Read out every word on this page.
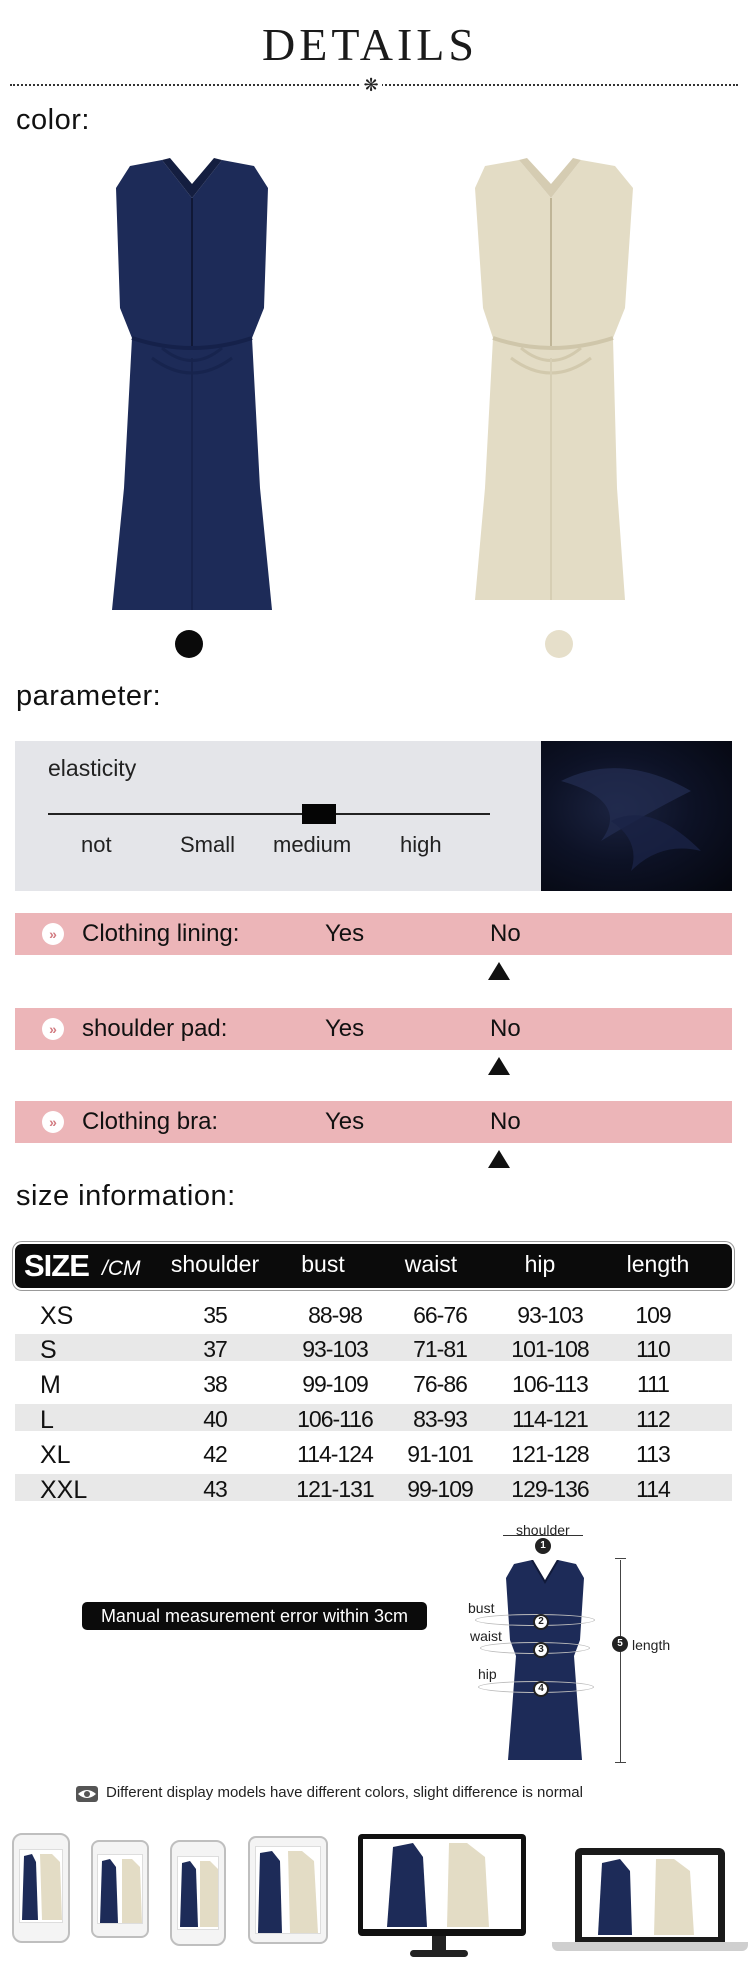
DETAILS
❋
color:
parameter:
elasticity
not	Small medium high
» Clothing lining:	Yes	No
» shoulder pad:	Yes	No
» Clothing bra:	Yes	No
size information:
SIZE /CM	shoulder	bust	waist	hip	length
XS	35	88-98	66-76	93-103	109
S	37	93-103	71-81	101-108	110
M	38	99-109	76-86	106-113	111
L	40	106-116	83-93	114-121	112
XL	42	114-124	91-101	121-128	113
XXL	43	121-131	99-109	129-136	114
Manual measurement error within 3cm
shoulder
1
bust
2
waist
3
hip
4
5 length
Different display models have different colors, slight difference is normal
